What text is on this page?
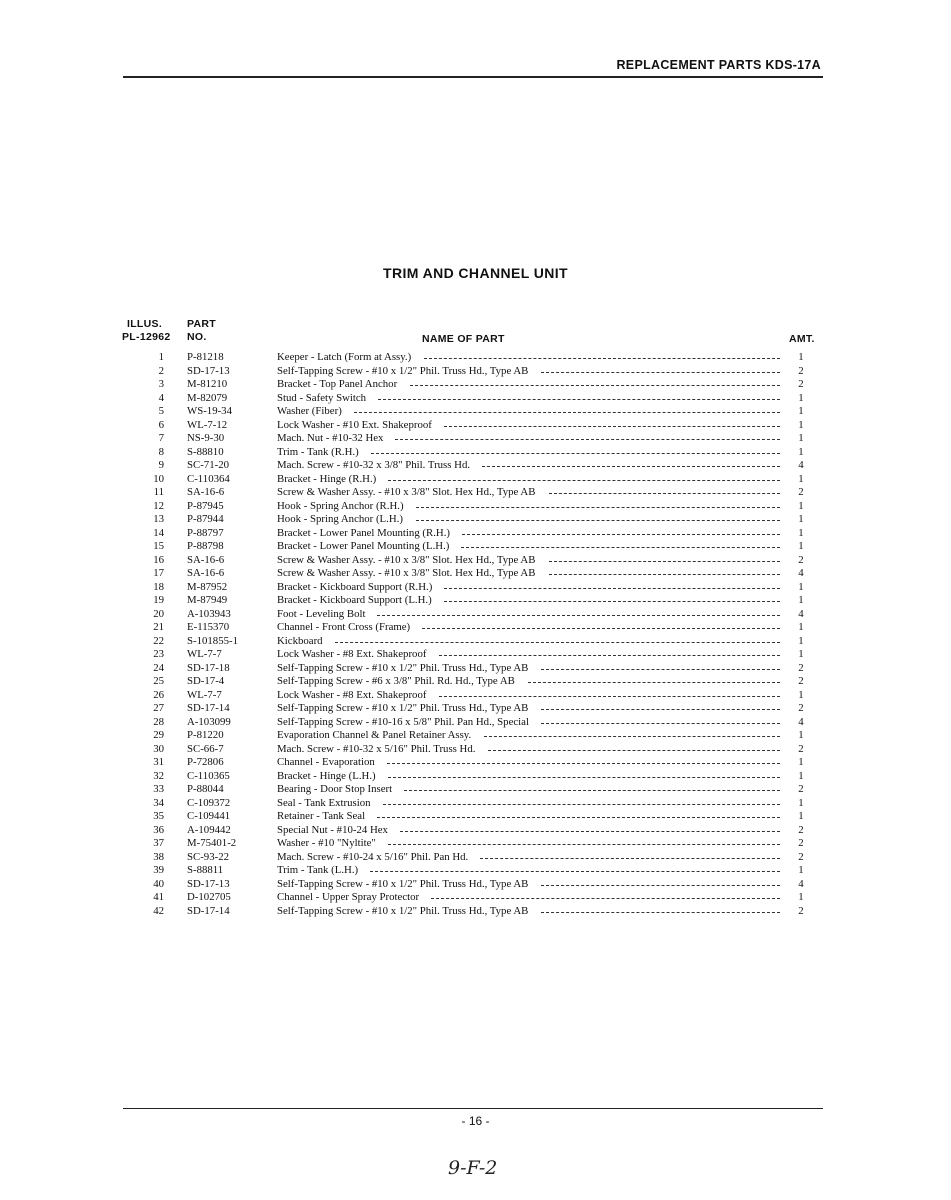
REPLACEMENT PARTS KDS-17A
TRIM AND CHANNEL UNIT
ILLUS.
PL-12962
PART
NO.	NAME OF PART	AMT.
1 P-81218	Keeper - Latch (Form at Assy.)	1
2 SD-17-13	Self-Tapping Screw - #10 x 1/2" Phil. Truss Hd., Type AB	2
3 M-81210	Bracket - Top Panel Anchor	2
4 M-82079	Stud - Safety Switch	1
5 WS-19-34	Washer (Fiber)	1
6 WL-7-12	Lock Washer - #10 Ext. Shakeproof	1
7 NS-9-30	Mach. Nut - #10-32 Hex	1
8 S-88810	Trim - Tank (R.H.)	1
9 SC-71-20	Mach. Screw - #10-32 x 3/8" Phil. Truss Hd.	4
10 C-110364	Bracket - Hinge (R.H.)	1
11 SA-16-6	Screw & Washer Assy. - #10 x 3/8" Slot. Hex Hd., Type AB	2
12 P-87945	Hook - Spring Anchor (R.H.)	1
13 P-87944	Hook - Spring Anchor (L.H.)	1
14 P-88797	Bracket - Lower Panel Mounting (R.H.)	1
15 P-88798	Bracket - Lower Panel Mounting (L.H.)	1
16 SA-16-6	Screw & Washer Assy. - #10 x 3/8" Slot. Hex Hd., Type AB	2
17 SA-16-6	Screw & Washer Assy. - #10 x 3/8" Slot. Hex Hd., Type AB	4
18 M-87952	Bracket - Kickboard Support (R.H.)	1
19 M-87949	Bracket - Kickboard Support (L.H.)	1
20 A-103943	Foot - Leveling Bolt	4
21 E-115370	Channel - Front Cross (Frame)	1
22 S-101855-1	Kickboard	1
23 WL-7-7	Lock Washer - #8 Ext. Shakeproof	1
24 SD-17-18	Self-Tapping Screw - #10 x 1/2" Phil. Truss Hd., Type AB	2
25 SD-17-4	Self-Tapping Screw - #6 x 3/8" Phil. Rd. Hd., Type AB	2
26 WL-7-7	Lock Washer - #8 Ext. Shakeproof	1
27 SD-17-14	Self-Tapping Screw - #10 x 1/2" Phil. Truss Hd., Type AB	2
28 A-103099	Self-Tapping Screw - #10-16 x 5/8" Phil. Pan Hd., Special	4
29 P-81220	Evaporation Channel & Panel Retainer Assy.	1
30 SC-66-7	Mach. Screw - #10-32 x 5/16" Phil. Truss Hd.	2
31 P-72806	Channel - Evaporation	1
32 C-110365	Bracket - Hinge (L.H.)	1
33 P-88044	Bearing - Door Stop Insert	2
34 C-109372	Seal - Tank Extrusion	1
35 C-109441	Retainer - Tank Seal	1
36 A-109442	Special Nut - #10-24 Hex	2
37 M-75401-2	Washer - #10 "Nyltite"	2
38 SC-93-22	Mach. Screw - #10-24 x 5/16" Phil. Pan Hd.	2
39 S-88811	Trim - Tank (L.H.)	1
40 SD-17-13	Self-Tapping Screw - #10 x 1/2" Phil. Truss Hd., Type AB	4
41 D-102705	Channel - Upper Spray Protector	1
42 SD-17-14	Self-Tapping Screw - #10 x 1/2" Phil. Truss Hd., Type AB	2
- 16 -
9-F-2
